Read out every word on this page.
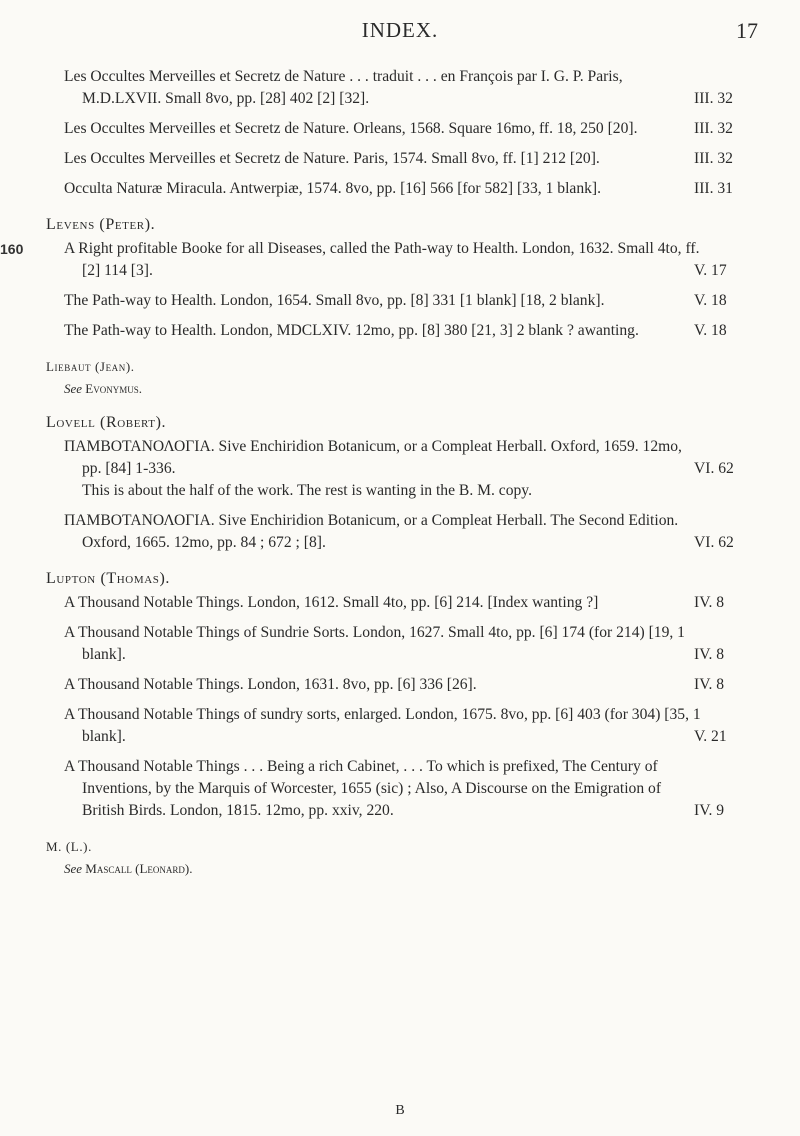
INDEX.	17
Les Occultes Merveilles et Secretz de Nature . . . traduit . . . en François par I. G. P. Paris, M.D.LXVII. Small 8vo, pp. [28] 402 [2] [32].	III. 32
Les Occultes Merveilles et Secretz de Nature. Orleans, 1568. Square 16mo, ff. 18, 250 [20].	III. 32
Les Occultes Merveilles et Secretz de Nature. Paris, 1574. Small 8vo, ff. [1] 212 [20].	III. 32
Occulta Naturæ Miracula. Antwerpiæ, 1574. 8vo, pp. [16] 566 [for 582] [33, 1 blank].	III. 31
Levens (Peter).
160	A Right profitable Booke for all Diseases, called the Path-way to Health. London, 1632. Small 4to, ff. [2] 114 [3].	V. 17
The Path-way to Health. London, 1654. Small 8vo, pp. [8] 331 [1 blank] [18, 2 blank].	V. 18
The Path-way to Health. London, MDCLXIV. 12mo, pp. [8] 380 [21, 3] 2 blank ? awanting.	V. 18
Liebaut (Jean).
See Evonymus.
Lovell (Robert).
ΠΑΜΒΟΤΑΝΟΛΟΓΙΑ. Sive Enchiridion Botanicum, or a Compleat Herball. Oxford, 1659. 12mo, pp. [84] 1-336.	VI. 62
This is about the half of the work. The rest is wanting in the B. M. copy.
ΠΑΜΒΟΤΑΝΟΛΟΓΙΑ. Sive Enchiridion Botanicum, or a Compleat Herball. The Second Edition. Oxford, 1665. 12mo, pp. 84 ; 672 ; [8].	VI. 62
Lupton (Thomas).
A Thousand Notable Things. London, 1612. Small 4to, pp. [6] 214. [Index wanting ?]	IV. 8
A Thousand Notable Things of Sundrie Sorts. London, 1627. Small 4to, pp. [6] 174 (for 214) [19, 1 blank].	IV. 8
A Thousand Notable Things. London, 1631. 8vo, pp. [6] 336 [26].	IV. 8
A Thousand Notable Things of sundry sorts, enlarged. London, 1675. 8vo, pp. [6] 403 (for 304) [35, 1 blank].	V. 21
A Thousand Notable Things . . . Being a rich Cabinet, . . . To which is prefixed, The Century of Inventions, by the Marquis of Worcester, 1655 (sic) ; Also, A Discourse on the Emigration of British Birds. London, 1815. 12mo, pp. xxiv, 220.	IV. 9
M. (L.).
See Mascall (Leonard).
B
